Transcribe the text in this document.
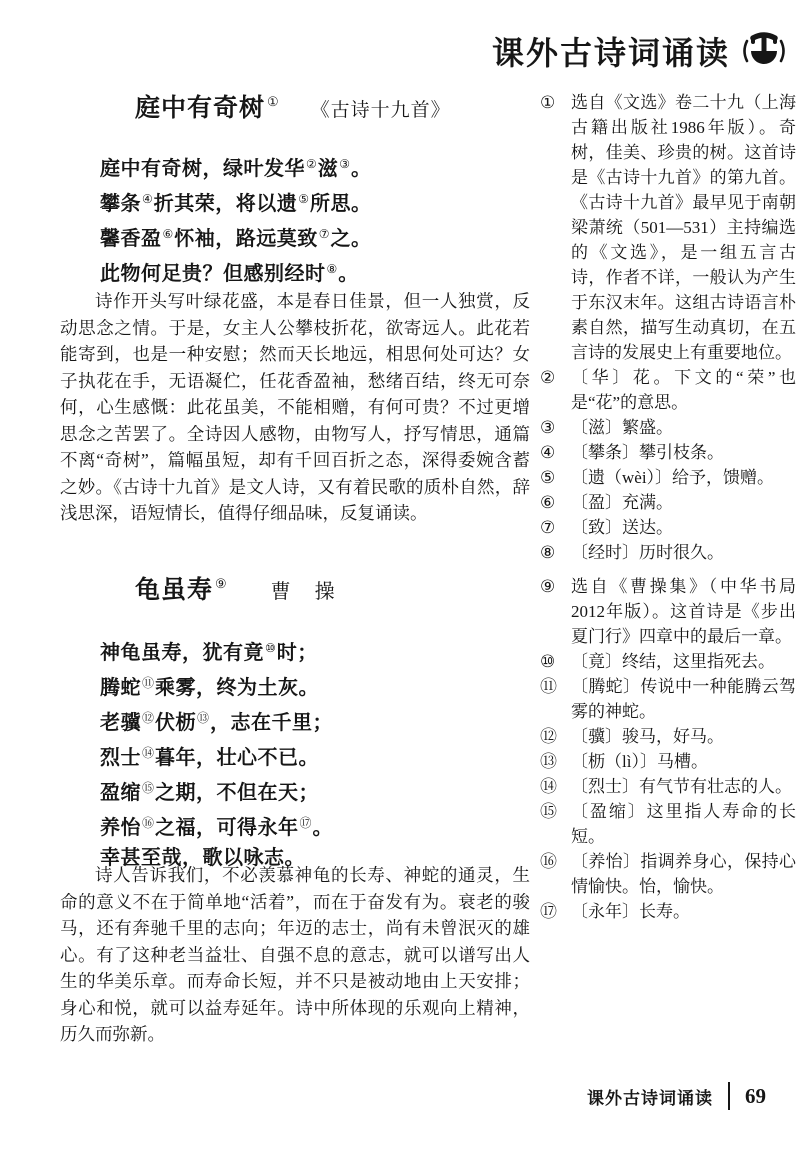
课外古诗词诵读
庭中有奇树① 《古诗十九首》
庭中有奇树，绿叶发华②滋③。
攀条④折其荣，将以遗⑤所思。
馨香盈⑥怀袖，路远莫致⑦之。
此物何足贵？但感别经时⑧。

诗作开头写叶绿花盛，本是春日佳景，但一人独赏，反动思念之情。于是，女主人公攀枝折花，欲寄远人。此花若能寄到，也是一种安慰；然而天长地远，相思何处可达？女子执花在手，无语凝伫，任花香盈袖，愁绪百结，终无可奈何，心生感慨：此花虽美，不能相赠，有何可贵？不过更增思念之苦罢了。全诗因人感物，由物写人，抒写情思，通篇不离“奇树”，篇幅虽短，却有千回百折之态，深得委婉含蓄之妙。《古诗十九首》是文人诗，又有着民歌的质朴自然，辞浅思深，语短情长，值得仔细品味，反复诵读。

龟虽寿⑨ 曹　操
神龟虽寿，犹有竟⑩时；
腾蛇⑪乘雾，终为土灰。
老骥⑫伏枥⑬，志在千里；
烈士⑭暮年，壮心不已。
盈缩⑮之期，不但在天；
养怡⑯之福，可得永年⑰。
幸甚至哉，歌以咏志。

诗人告诉我们，不必羡慕神龟的长寿、神蛇的通灵，生命的意义不在于简单地“活着”，而在于奋发有为。衰老的骏马，还有奔驰千里的志向；年迈的志士，尚有未曾泯灭的雄心。有了这种老当益壮、自强不息的意志，就可以谱写出人生的华美乐章。而寿命长短，并不只是被动地由上天安排；身心和悦，就可以益寿延年。诗中所体现的乐观向上精神，历久而弥新。

① 选自《文选》卷二十九（上海古籍出版社1986年版）。奇树，佳美、珍贵的树。这首诗是《古诗十九首》的第九首。《古诗十九首》最早见于南朝梁萧统（501—531）主持编选的《文选》，是一组五言古诗，作者不详，一般认为产生于东汉末年。这组古诗语言朴素自然，描写生动真切，在五言诗的发展史上有重要地位。
② 〔华〕花。下文的“荣”也是“花”的意思。
③ 〔滋〕繁盛。
④ 〔攀条〕攀引枝条。
⑤ 〔遗（wèi）〕给予，馈赠。
⑥ 〔盈〕充满。
⑦ 〔致〕送达。
⑧ 〔经时〕历时很久。
⑨ 选自《曹操集》（中华书局2012年版）。这首诗是《步出夏门行》四章中的最后一章。
⑩ 〔竟〕终结，这里指死去。
⑪ 〔腾蛇〕传说中一种能腾云驾雾的神蛇。
⑫ 〔骥〕骏马，好马。
⑬ 〔枥（lì）〕马槽。
⑭ 〔烈士〕有气节有壮志的人。
⑮ 〔盈缩〕这里指人寿命的长短。
⑯ 〔养怡〕指调养身心，保持心情愉快。怡，愉快。
⑰ 〔永年〕长寿。
课外古诗词诵读 69
